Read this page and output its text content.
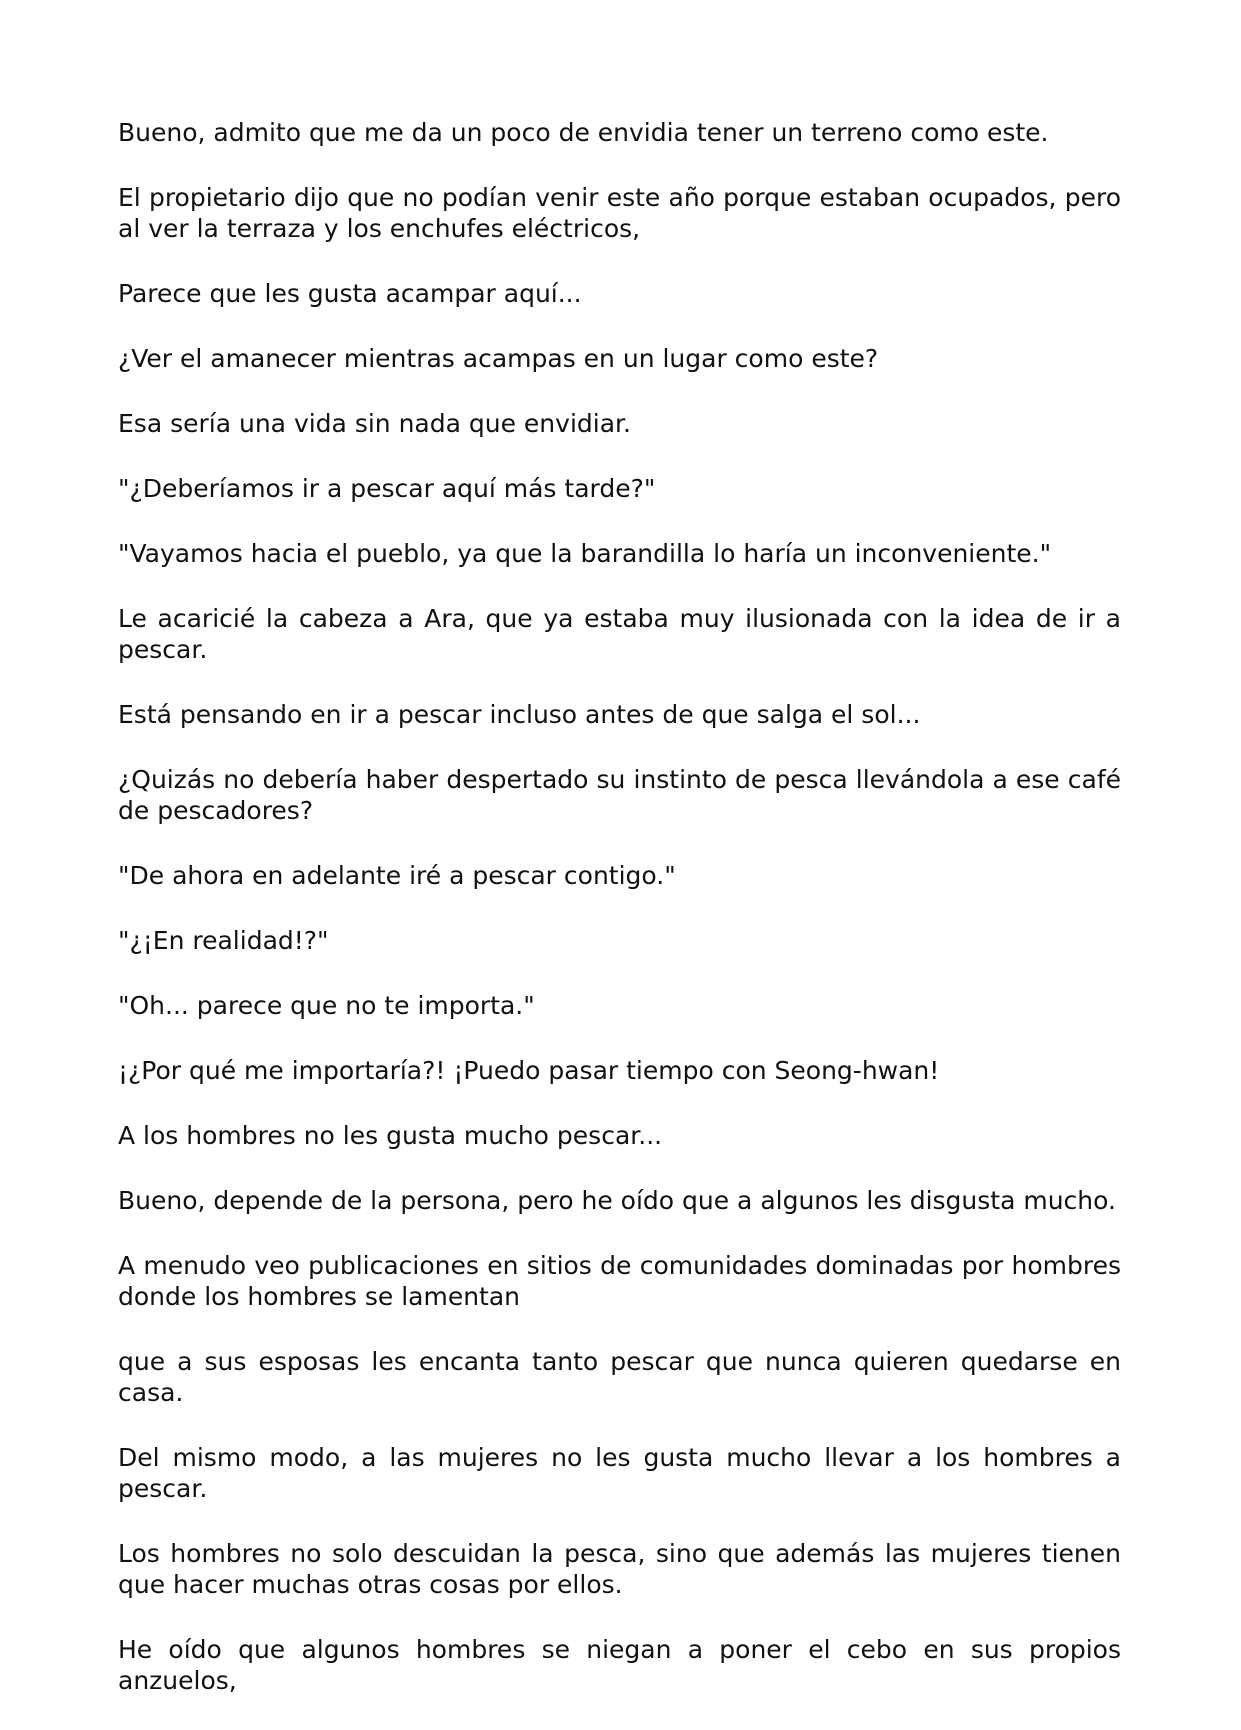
Bueno, admito que me da un poco de envidia tener un terreno como este.

El propietario dijo que no podían venir este año porque estaban ocupados, pero al ver la terraza y los enchufes eléctricos,

Parece que les gusta acampar aquí...

¿Ver el amanecer mientras acampas en un lugar como este?

Esa sería una vida sin nada que envidiar.

"¿Deberíamos ir a pescar aquí más tarde?"

"Vayamos hacia el pueblo, ya que la barandilla lo haría un inconveniente."

Le acaricié la cabeza a Ara, que ya estaba muy ilusionada con la idea de ir a pescar.

Está pensando en ir a pescar incluso antes de que salga el sol...

¿Quizás no debería haber despertado su instinto de pesca llevándola a ese café de pescadores?

"De ahora en adelante iré a pescar contigo."

"¿¡En realidad!?"

"Oh... parece que no te importa."

¡¿Por qué me importaría?! ¡Puedo pasar tiempo con Seong-hwan!

A los hombres no les gusta mucho pescar...

Bueno, depende de la persona, pero he oído que a algunos les disgusta mucho.

A menudo veo publicaciones en sitios de comunidades dominadas por hombres donde los hombres se lamentan

que a sus esposas les encanta tanto pescar que nunca quieren quedarse en casa.

Del mismo modo, a las mujeres no les gusta mucho llevar a los hombres a pescar.

Los hombres no solo descuidan la pesca, sino que además las mujeres tienen que hacer muchas otras cosas por ellos.

He oído que algunos hombres se niegan a poner el cebo en sus propios anzuelos,
